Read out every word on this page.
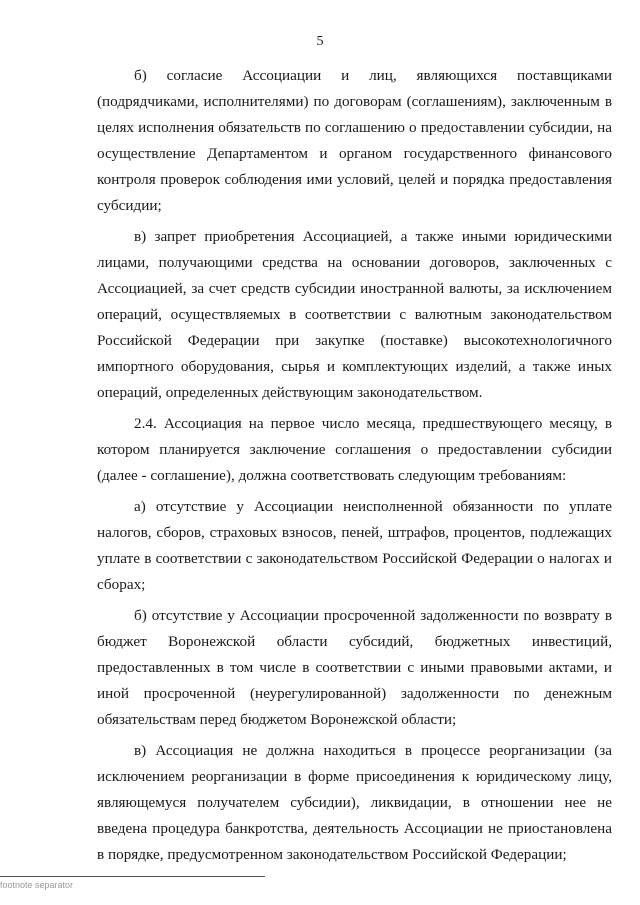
5

б) согласие Ассоциации и лиц, являющихся поставщиками (подрядчиками, исполнителями) по договорам (соглашениям), заключенным в целях исполнения обязательств по соглашению о предоставлении субсидии, на осуществление Департаментом и органом государственного финансового контроля проверок соблюдения ими условий, целей и порядка предоставления субсидии;

в) запрет приобретения Ассоциацией, а также иными юридическими лицами, получающими средства на основании договоров, заключенных с Ассоциацией, за счет средств субсидии иностранной валюты, за исключением операций, осуществляемых в соответствии с валютным законодательством Российской Федерации при закупке (поставке) высокотехнологичного импортного оборудования, сырья и комплектующих изделий, а также иных операций, определенных действующим законодательством.

2.4. Ассоциация на первое число месяца, предшествующего месяцу, в котором планируется заключение соглашения о предоставлении субсидии (далее - соглашение), должна соответствовать следующим требованиям:

а) отсутствие у Ассоциации неисполненной обязанности по уплате налогов, сборов, страховых взносов, пеней, штрафов, процентов, подлежащих уплате в соответствии с законодательством Российской Федерации о налогах и сборах;

б) отсутствие у Ассоциации просроченной задолженности по возврату в бюджет Воронежской области субсидий, бюджетных инвестиций, предоставленных в том числе в соответствии с иными правовыми актами, и иной просроченной (неурегулированной) задолженности по денежным обязательствам перед бюджетом Воронежской области;

в) Ассоциация не должна находиться в процессе реорганизации (за исключением реорганизации в форме присоединения к юридическому лицу, являющемуся получателем субсидии), ликвидации, в отношении нее не введена процедура банкротства, деятельность Ассоциации не приостановлена в порядке, предусмотренном законодательством Российской Федерации;

footnote separator
